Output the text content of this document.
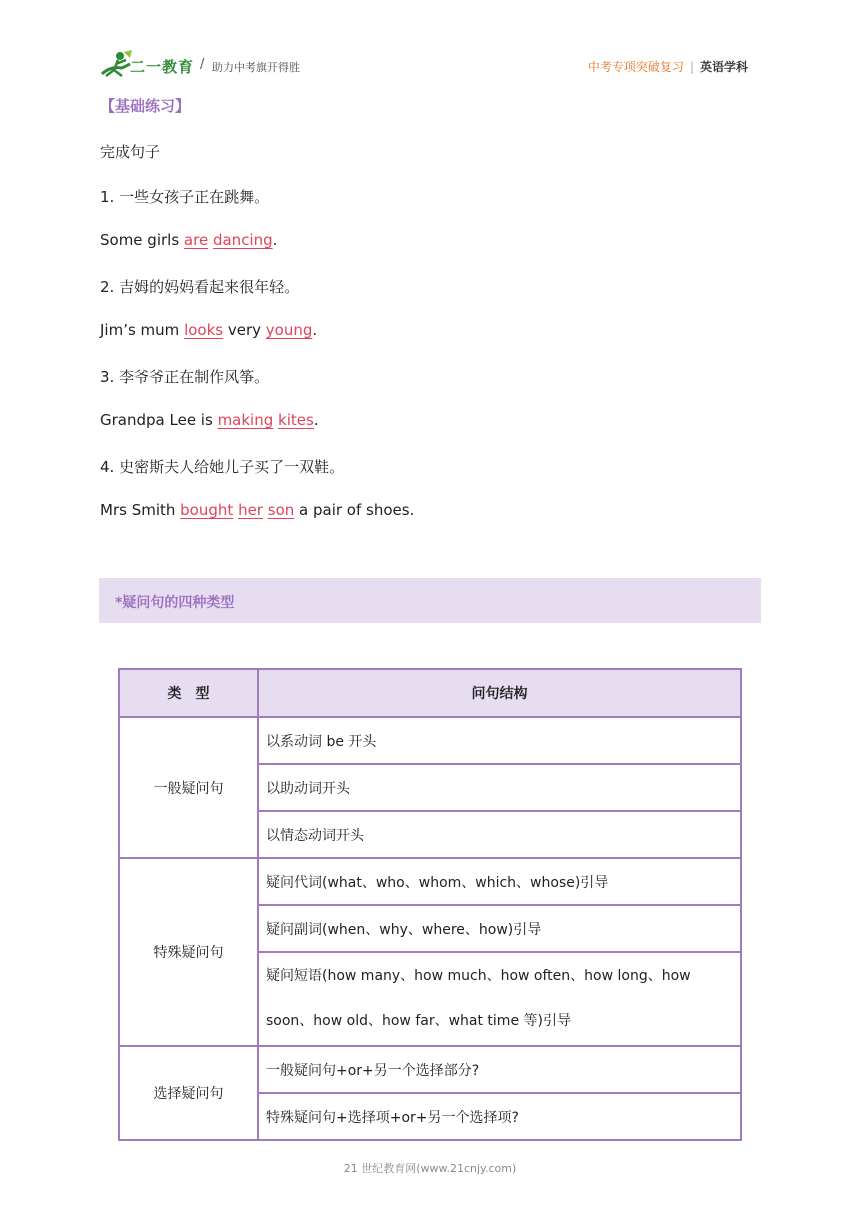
二一教育 / 助力中考旗开得胜	中考专项突破复习 | 英语学科
【基础练习】
完成句子
1. 一些女孩子正在跳舞。
Some girls are dancing.
2. 吉姆的妈妈看起来很年轻。
Jim’s mum looks very young.
3. 李爷爷正在制作风筝。
Grandpa Lee is making kites.
4. 史密斯夫人给她儿子买了一双鞋。
Mrs Smith bought her son a pair of shoes.
*疑问句的四种类型
类　型	问句结构
一般疑问句	以系动词 be 开头
	以助动词开头
	以情态动词开头
特殊疑问句	疑问代词(what、who、whom、which、whose)引导
	疑问副词(when、why、where、how)引导
	疑问短语(how many、how much、how often、how long、how soon、how old、how far、what time 等)引导
选择疑问句	一般疑问句+or+另一个选择部分?
	特殊疑问句+选择项+or+另一个选择项?
21 世纪教育网(www.21cnjy.com)
